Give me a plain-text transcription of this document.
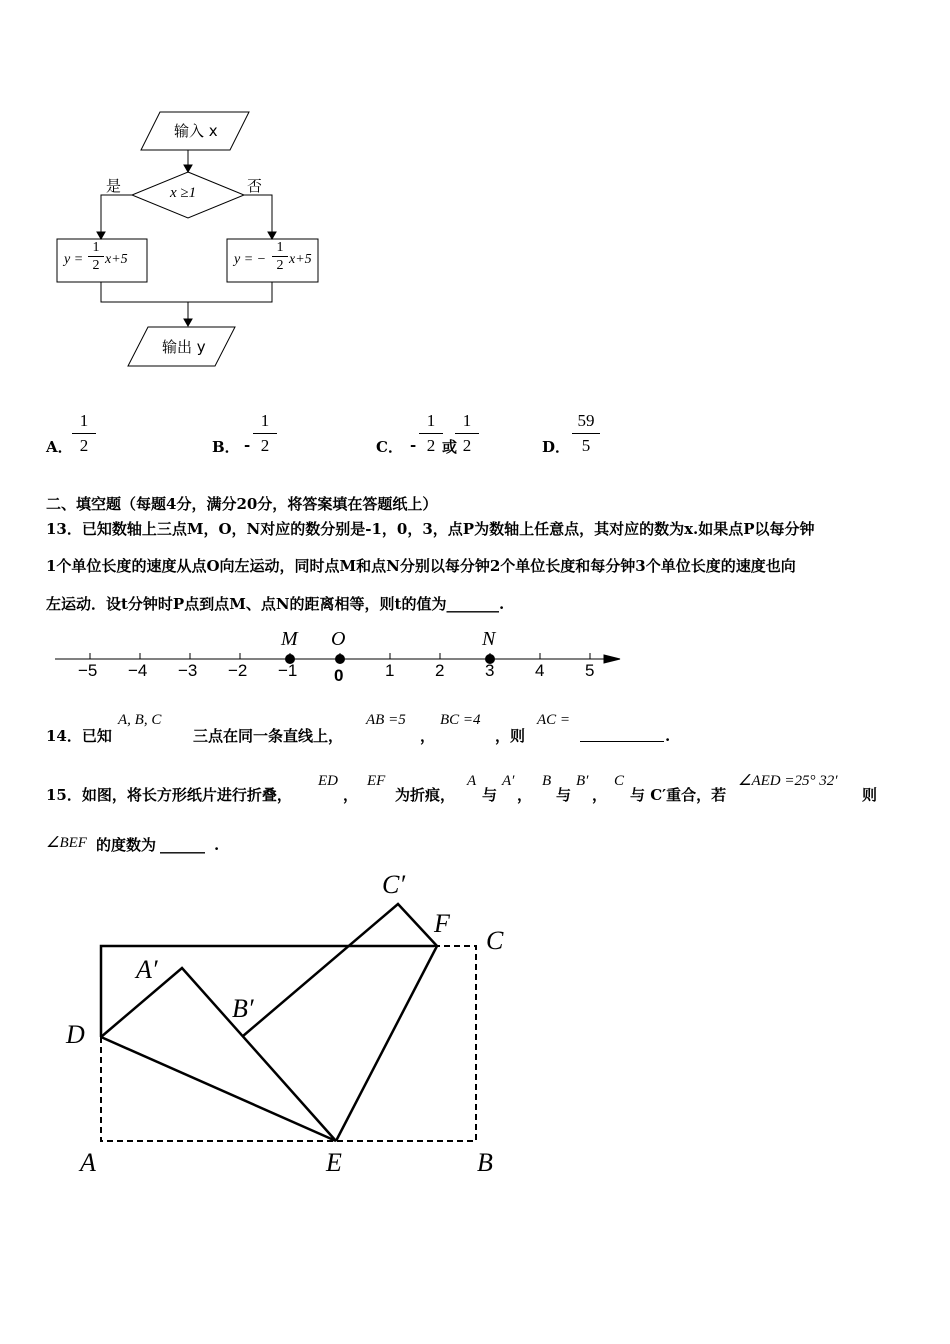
输入 x
x ≥1
是	否
y =
1
2 x+5	y = −
1
2 x+5
输出 y
A．
1
2	B． -
1
2	C． -
1
2 或
1
2	D．
59
5
二、填空题（每题4分，满分20分，将答案填在答题纸上）
13．已知数轴上三点M，O，N对应的数分别是-1，0，3，点P为数轴上任意点，其对应的数为x.如果点P以每分钟
1个单位长度的速度从点O向左运动，同时点M和点N分别以每分钟2个单位长度和每分钟3个单位长度的速度也向
左运动．设t分钟时P点到点M、点N的距离相等，则t的值为_______.
−5 −4 −3 −2 −1	1 2 3 4 5
0
M O	N
14．已知
A, B, C
三点在同一条直线上，
AB =5
，
BC =4
，则
AC =
.
15．如图，将长方形纸片进行折叠，
ED
，
EF
为折痕，
A
与
A′
，
B
与
B′
，
C
与 C′重合，若
∠AED =25° 32′
则
∠BEF 的度数为 ______ .
C′
F
C
A′
B′
D
A	E	B
